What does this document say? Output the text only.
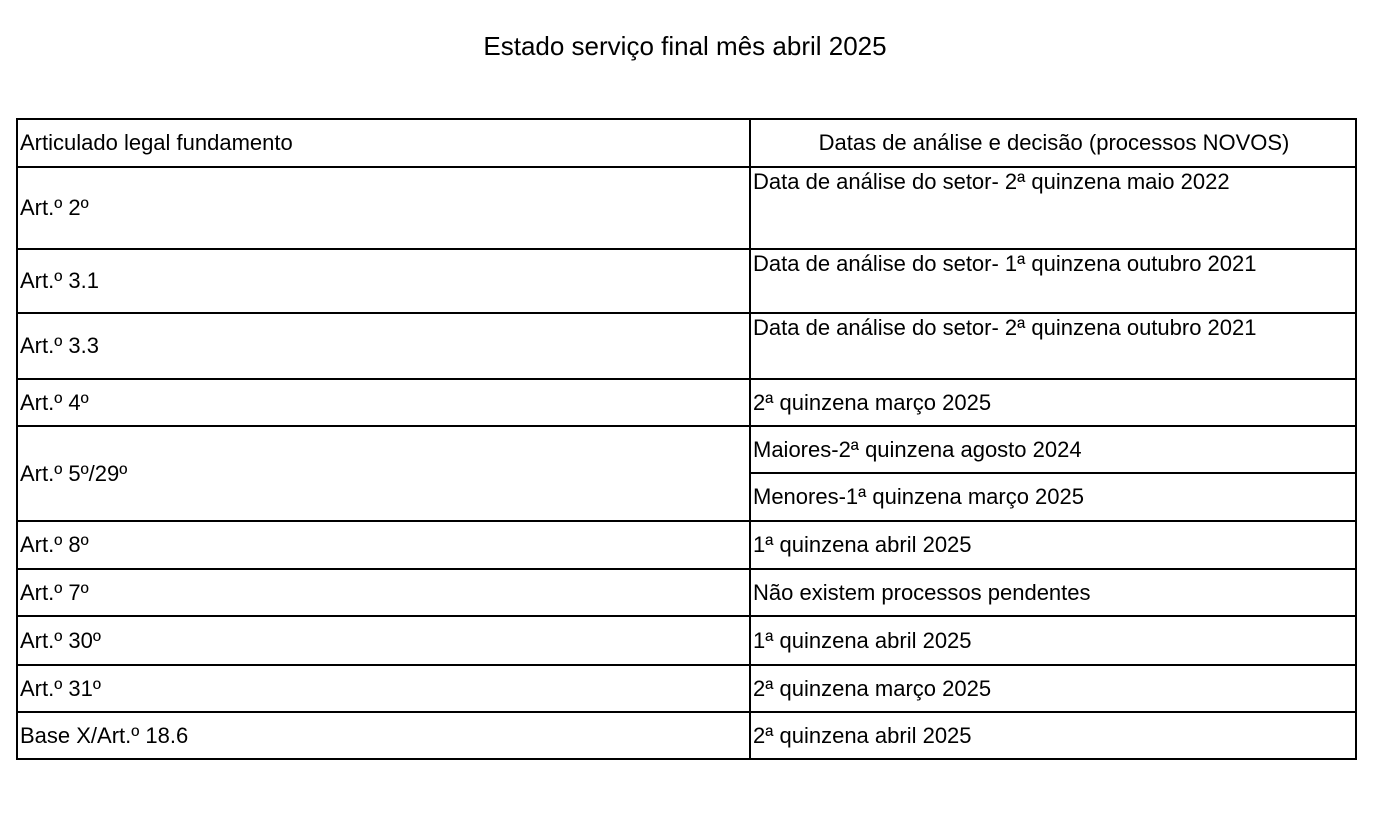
Estado serviço final mês abril 2025
Articulado legal fundamento	Datas de análise e decisão (processos NOVOS)
Art.º 2º	Data de análise do setor- 2ª quinzena maio 2022
Art.º 3.1	Data de análise do setor- 1ª quinzena outubro 2021
Art.º 3.3	Data de análise do setor- 2ª quinzena outubro 2021
Art.º 4º	2ª quinzena março 2025
Art.º 5º/29º	Maiores-2ª quinzena agosto 2024
	Menores-1ª quinzena março 2025
Art.º 8º	1ª quinzena abril 2025
Art.º 7º	Não existem processos pendentes
Art.º 30º	1ª quinzena abril 2025
Art.º 31º	2ª quinzena março 2025
Base X/Art.º 18.6	2ª quinzena abril 2025
